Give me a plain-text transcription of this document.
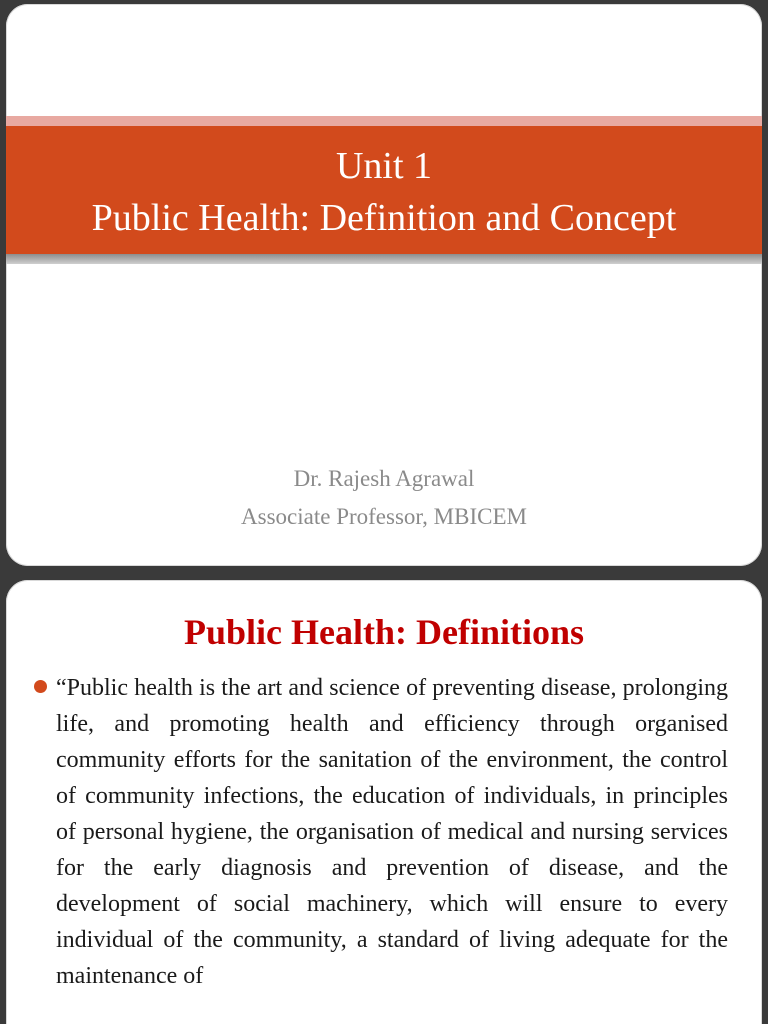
Unit 1
Public Health: Definition and Concept
Dr. Rajesh Agrawal
Associate Professor, MBICEM
Public Health: Definitions
“Public health is the art and science of preventing disease, prolonging life, and promoting health and efficiency through organised community efforts for the sanitation of the environment, the control of community infections, the education of individuals, in principles of personal hygiene, the organisation of medical and nursing services for the early diagnosis and prevention of disease, and the development of social machinery, which will ensure to every individual of the community, a standard of living adequate for the maintenance of
